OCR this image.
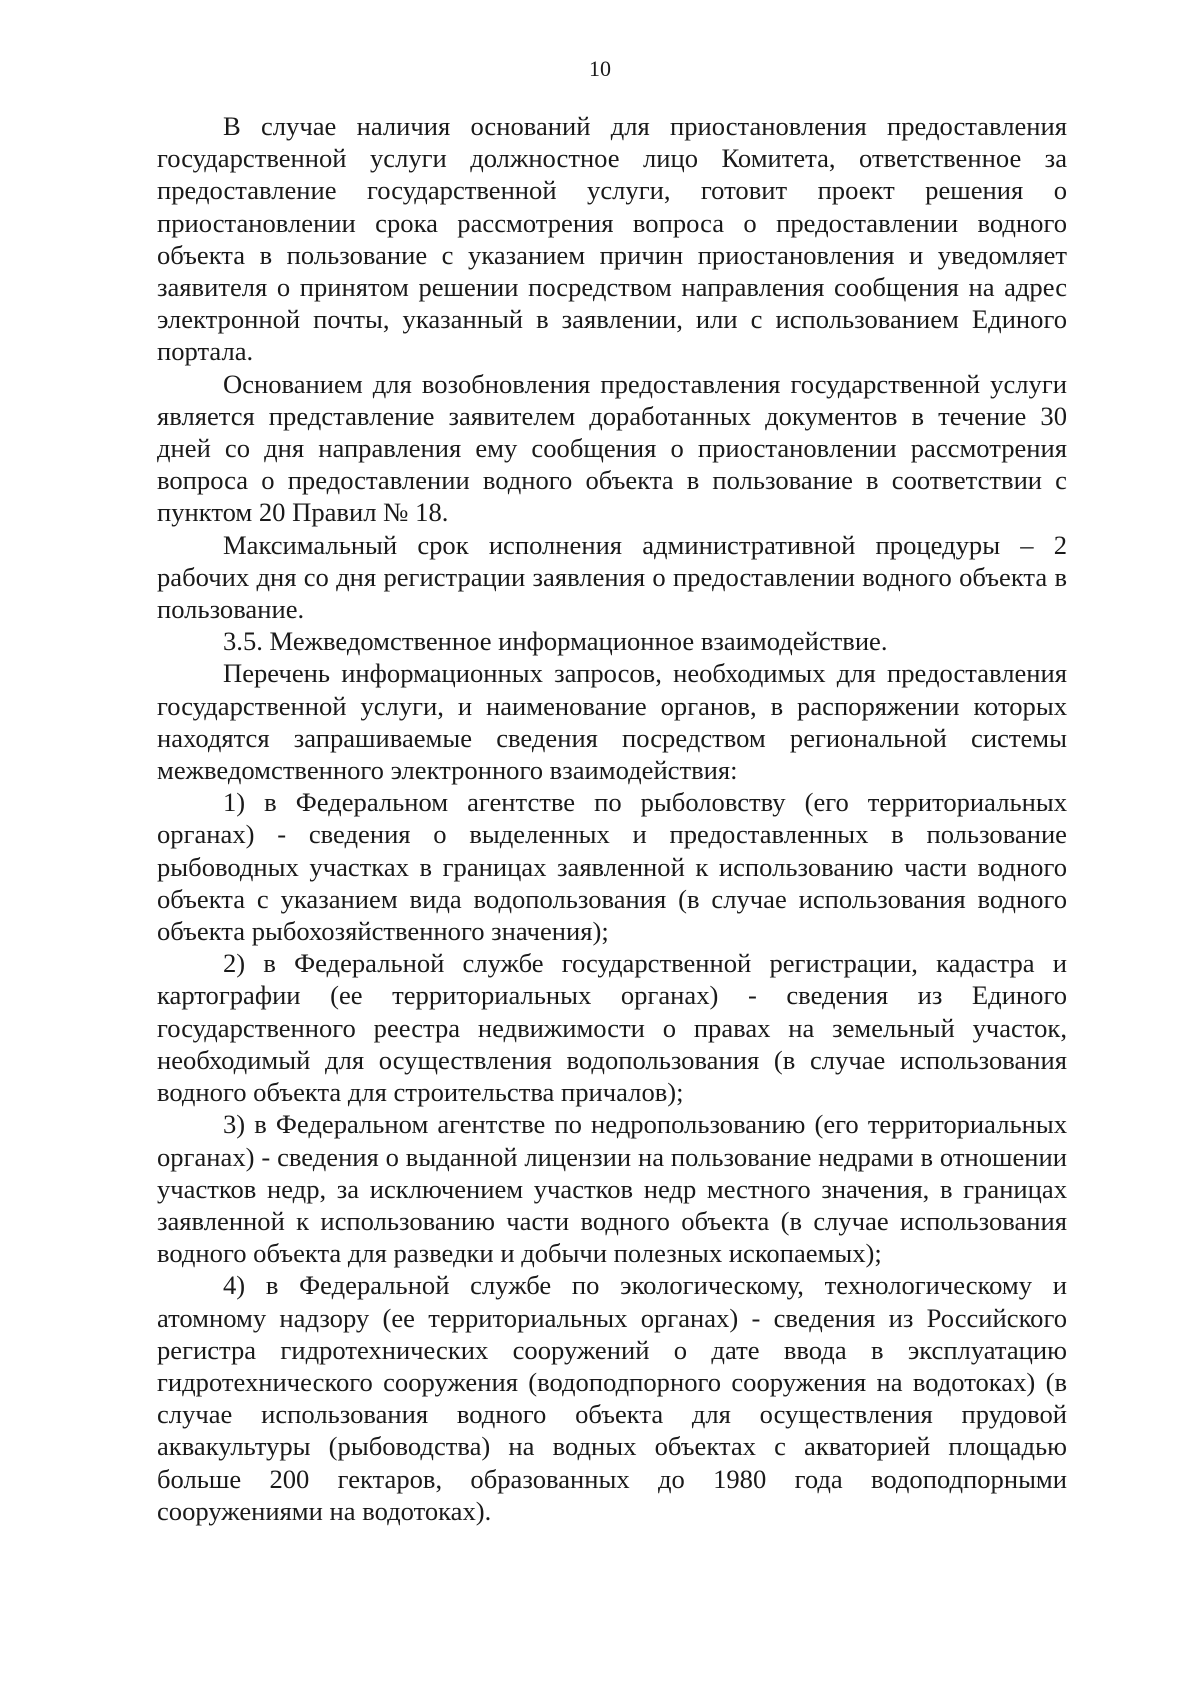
10

В случае наличия оснований для приостановления предоставления государственной услуги должностное лицо Комитета, ответственное за предоставление государственной услуги, готовит проект решения о приостановлении срока рассмотрения вопроса о предоставлении водного объекта в пользование с указанием причин приостановления и уведомляет заявителя о принятом решении посредством направления сообщения на адрес электронной почты, указанный в заявлении, или с использованием Единого портала.

Основанием для возобновления предоставления государственной услуги является представление заявителем доработанных документов в течение 30 дней со дня направления ему сообщения о приостановлении рассмотрения вопроса о предоставлении водного объекта в пользование в соответствии с пунктом 20 Правил № 18.

Максимальный срок исполнения административной процедуры – 2 рабочих дня со дня регистрации заявления о предоставлении водного объекта в пользование.

3.5. Межведомственное информационное взаимодействие.

Перечень информационных запросов, необходимых для предоставления государственной услуги, и наименование органов, в распоряжении которых находятся запрашиваемые сведения посредством региональной системы межведомственного электронного взаимодействия:

1) в Федеральном агентстве по рыболовству (его территориальных органах) - сведения о выделенных и предоставленных в пользование рыбоводных участках в границах заявленной к использованию части водного объекта с указанием вида водопользования (в случае использования водного объекта рыбохозяйственного значения);

2) в Федеральной службе государственной регистрации, кадастра и картографии (ее территориальных органах) - сведения из Единого государственного реестра недвижимости о правах на земельный участок, необходимый для осуществления водопользования (в случае использования водного объекта для строительства причалов);

3) в Федеральном агентстве по недропользованию (его территориальных органах) - сведения о выданной лицензии на пользование недрами в отношении участков недр, за исключением участков недр местного значения, в границах заявленной к использованию части водного объекта (в случае использования водного объекта для разведки и добычи полезных ископаемых);

4) в Федеральной службе по экологическому, технологическому и атомному надзору (ее территориальных органах) - сведения из Российского регистра гидротехнических сооружений о дате ввода в эксплуатацию гидротехнического сооружения (водоподпорного сооружения на водотоках) (в случае использования водного объекта для осуществления прудовой аквакультуры (рыбоводства) на водных объектах с акваторией площадью больше 200 гектаров, образованных до 1980 года водоподпорными сооружениями на водотоках).
